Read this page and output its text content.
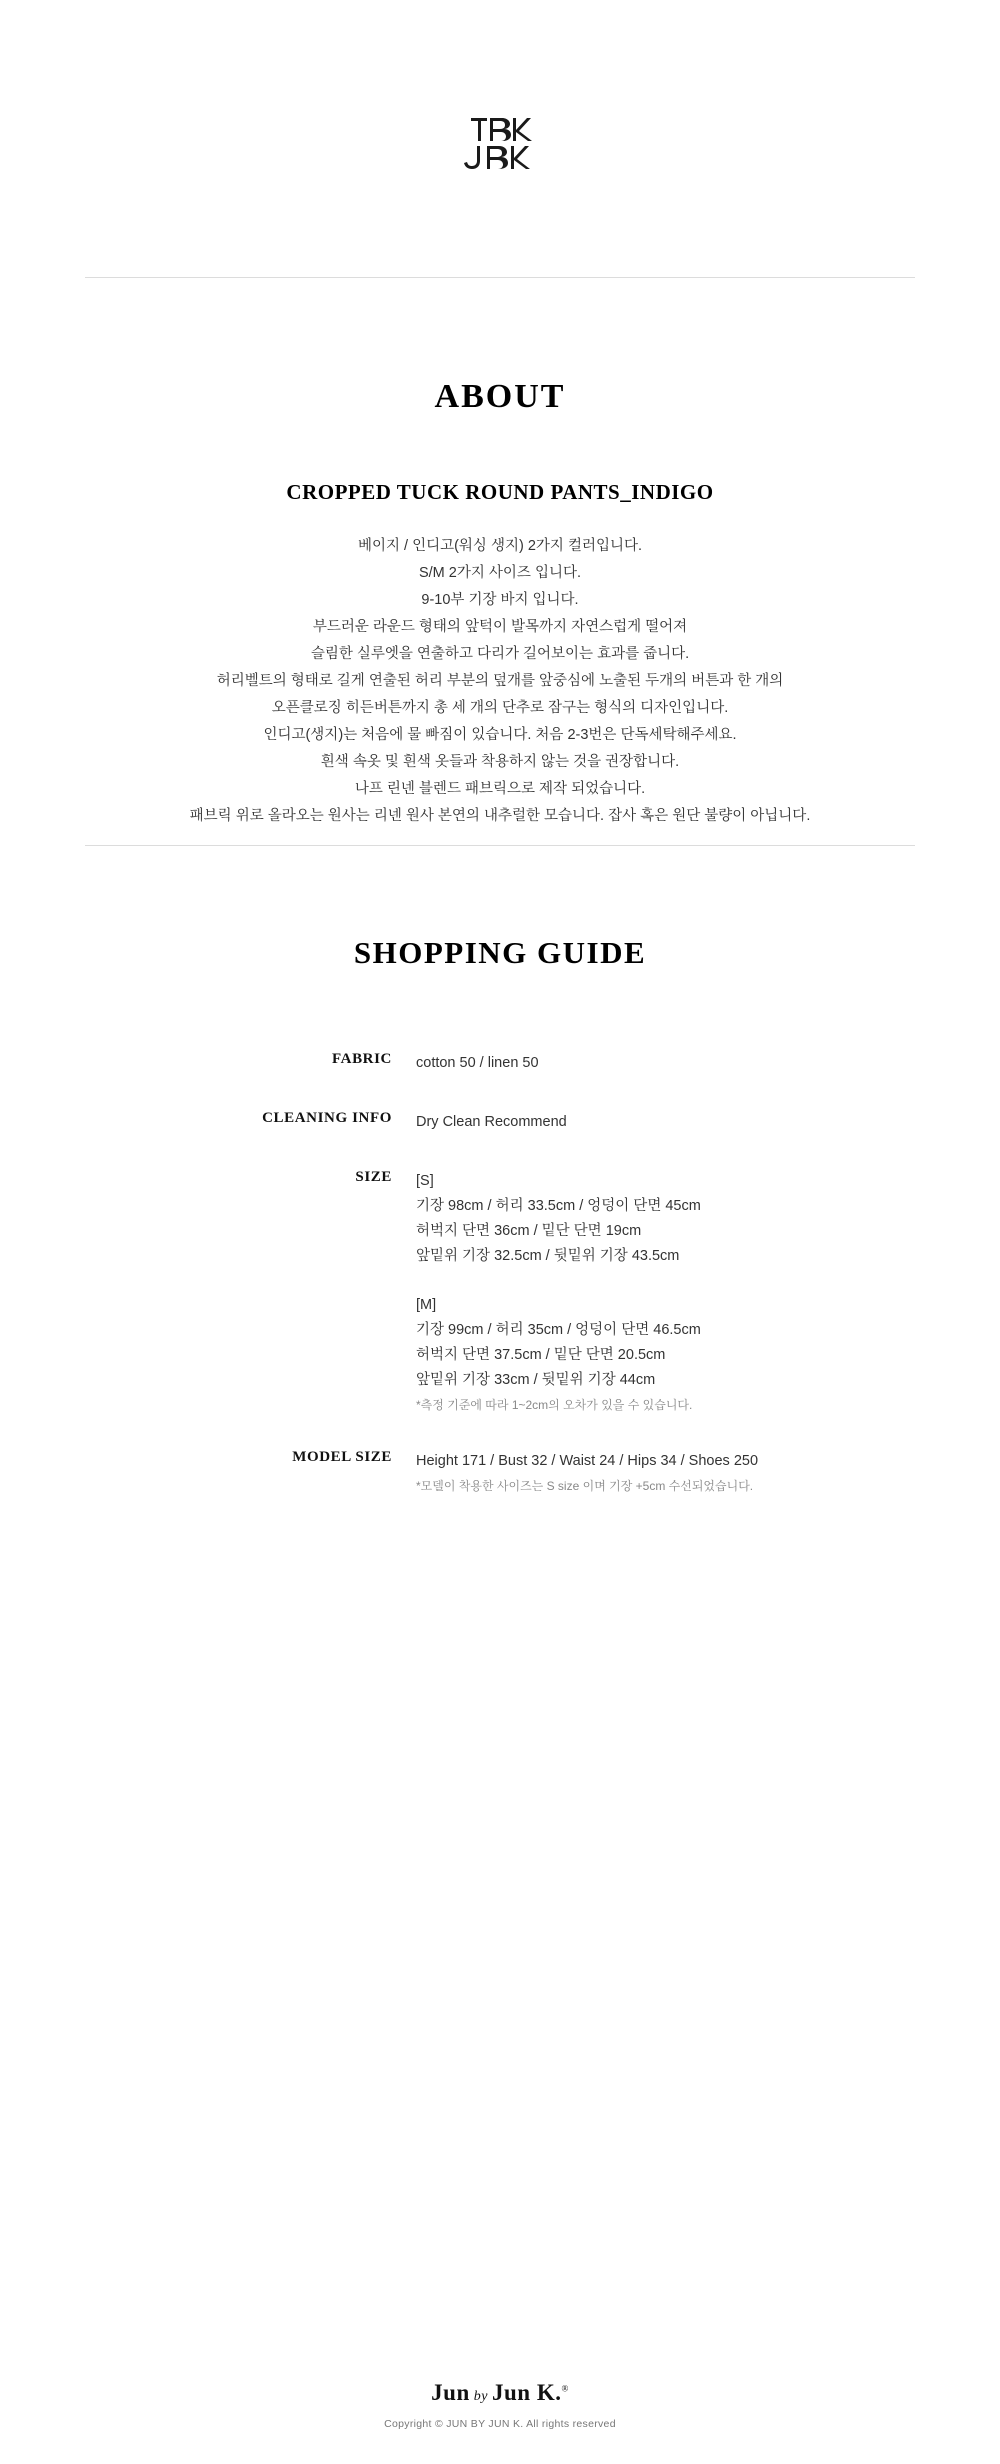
ABOUT
CROPPED TUCK ROUND PANTS_INDIGO
베이지 / 인디고(워싱 생지) 2가지 컬러입니다.
S/M 2가지 사이즈 입니다.
9-10부 기장 바지 입니다.
부드러운 라운드 형태의 앞턱이 발목까지 자연스럽게 떨어져
슬림한 실루엣을 연출하고 다리가 길어보이는 효과를 줍니다.
허리벨트의 형태로 길게 연출된 허리 부분의 덮개를 앞중심에 노출된 두개의 버튼과 한 개의
오픈클로징 히든버튼까지 총 세 개의 단추로 잠구는 형식의 디자인입니다.
인디고(생지)는 처음에 물 빠짐이 있습니다. 처음 2-3번은 단독세탁해주세요.
흰색 속옷 및 흰색 옷들과 착용하지 않는 것을 권장합니다.
나프 린넨 블렌드 패브릭으로 제작 되었습니다.
패브릭 위로 올라오는 원사는 리넨 원사 본연의 내추럴한 모습니다. 잡사 혹은 원단 불량이 아닙니다.
SHOPPING GUIDE
FABRIC	cotton 50 / linen 50
CLEANING INFO	Dry Clean Recommend
SIZE	[S]
기장 98cm / 허리 33.5cm / 엉덩이 단면 45cm
허벅지 단면 36cm / 밑단 단면 19cm
앞밑위 기장 32.5cm / 뒷밑위 기장 43.5cm
[M]
기장 99cm / 허리 35cm / 엉덩이 단면 46.5cm
허벅지 단면 37.5cm / 밑단 단면 20.5cm
앞밑위 기장 33cm / 뒷밑위 기장 44cm
*측정 기준에 따라 1~2cm의 오차가 있을 수 있습니다.

MODEL SIZE	Height 171 / Bust 32 / Waist 24 / Hips 34 / Shoes 250
*모델이 착용한 사이즈는 S size 이며 기장 +5cm 수선되었습니다.
Jun by Jun K.®
Copyright © JUN BY JUN K. All rights reserved
